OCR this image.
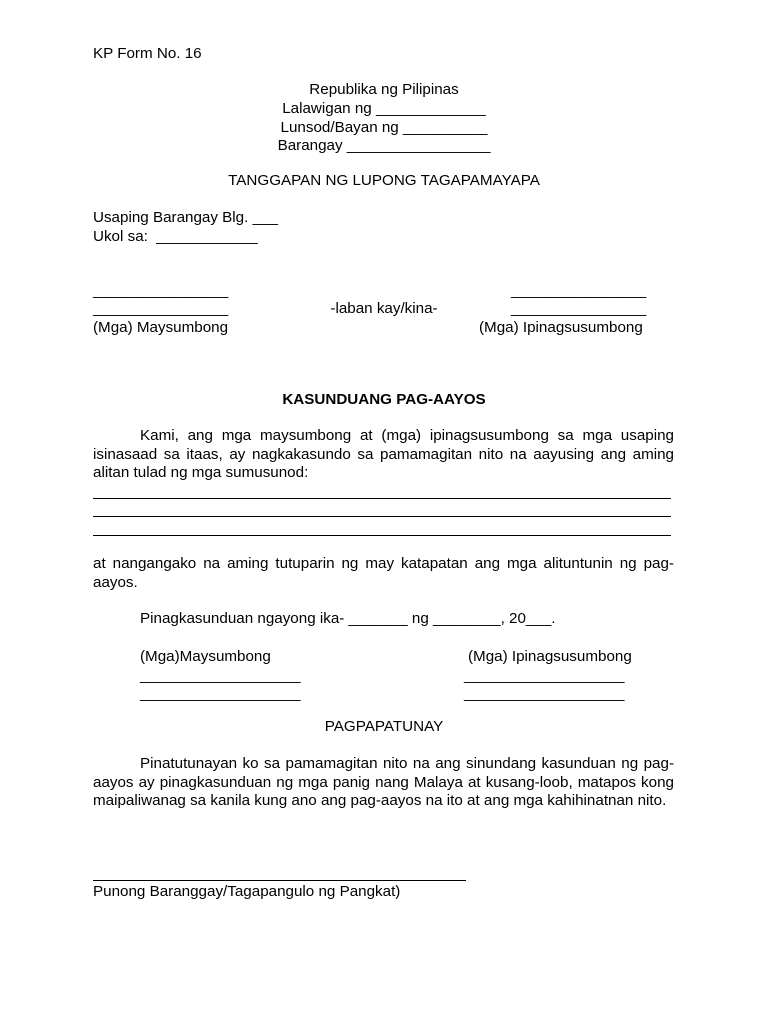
KP Form No. 16
Republika ng Pilipinas
Lalawigan ng _____________
Lunsod/Bayan ng __________
Barangay _________________
TANGGAPAN NG LUPONG TAGAPAMAYAPA
Usaping Barangay Blg. ___
Ukol sa:  ____________
________________	________________
________________	-laban kay/kina-	________________
(Mga) Maysumbong	(Mga) Ipinagsusumbong
KASUNDUANG PAG-AAYOS
Kami, ang mga maysumbong at (mga) ipinagsusumbong sa mga usaping isinasaad sa itaas, ay nagkakasundo sa pamamagitan nito na aayusing ang aming alitan tulad ng mga sumusunod:
at nangangako na aming tutuparin ng may katapatan ang mga alituntunin ng pag-aayos.
Pinagkasunduan ngayong ika- _______ ng ________, 20___.
(Mga)Maysumbong	(Mga) Ipinagsusumbong
___________________	___________________
___________________	___________________
PAGPAPATUNAY
Pinatutunayan ko sa pamamagitan nito na ang sinundang kasunduan ng pag-aayos ay pinagkasunduan ng mga panig nang Malaya at kusang-loob, matapos kong maipaliwanag sa kanila kung ano ang pag-aayos na ito at ang mga kahihinatnan nito.
Punong Baranggay/Tagapangulo ng Pangkat)
